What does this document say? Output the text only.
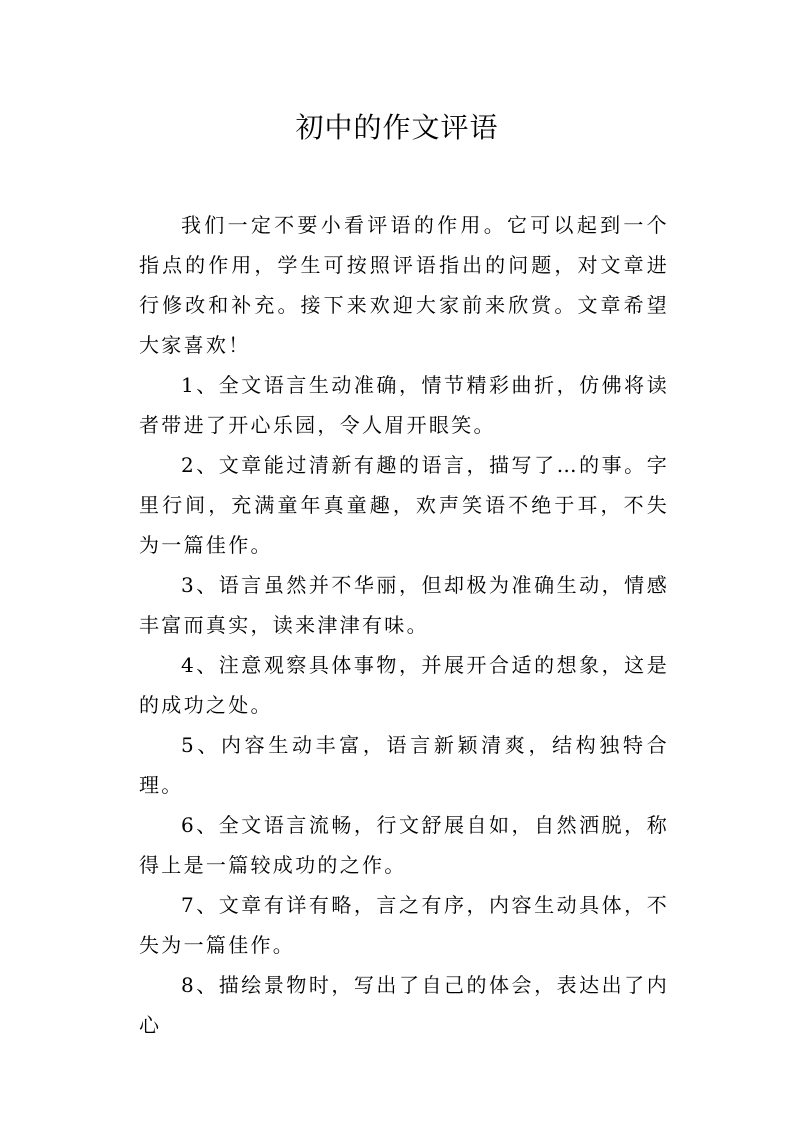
初中的作文评语

我们一定不要小看评语的作用。它可以起到一个指点的作用，学生可按照评语指出的问题，对文章进行修改和补充。接下来欢迎大家前来欣赏。文章希望大家喜欢！

1、全文语言生动准确，情节精彩曲折，仿佛将读者带进了开心乐园，令人眉开眼笑。

2、文章能过清新有趣的语言，描写了…的事。字里行间，充满童年真童趣，欢声笑语不绝于耳，不失为一篇佳作。

3、语言虽然并不华丽，但却极为准确生动，情感丰富而真实，读来津津有味。

4、注意观察具体事物，并展开合适的想象，这是的成功之处。

5、内容生动丰富，语言新颖清爽，结构独特合理。

6、全文语言流畅，行文舒展自如，自然洒脱，称得上是一篇较成功的之作。

7、文章有详有略，言之有序，内容生动具体，不失为一篇佳作。

8、描绘景物时，写出了自己的体会，表达出了内心
